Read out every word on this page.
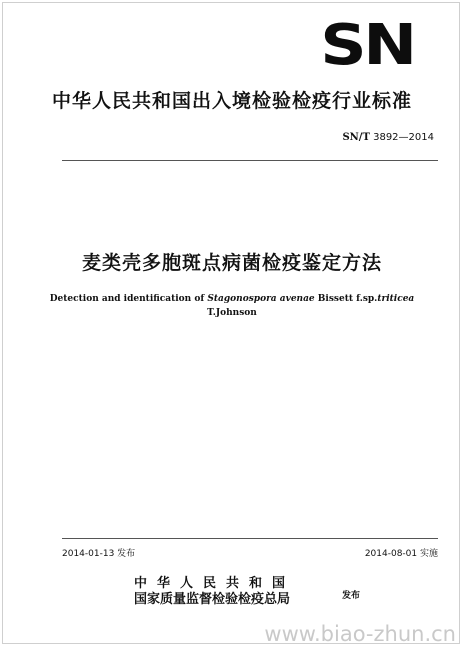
SN
中华人民共和国出入境检验检疫行业标准
SN/T 3892—2014
麦类壳多胞斑点病菌检疫鉴定方法
Detection and identification of Stagonospora avenae Bissett f.sp.triticea
T.Johnson
2014-01-13 发布	2014-08-01 实施
中华人民共和国
国家质量监督检验检疫总局	发布
www.biao-zhun.cn
